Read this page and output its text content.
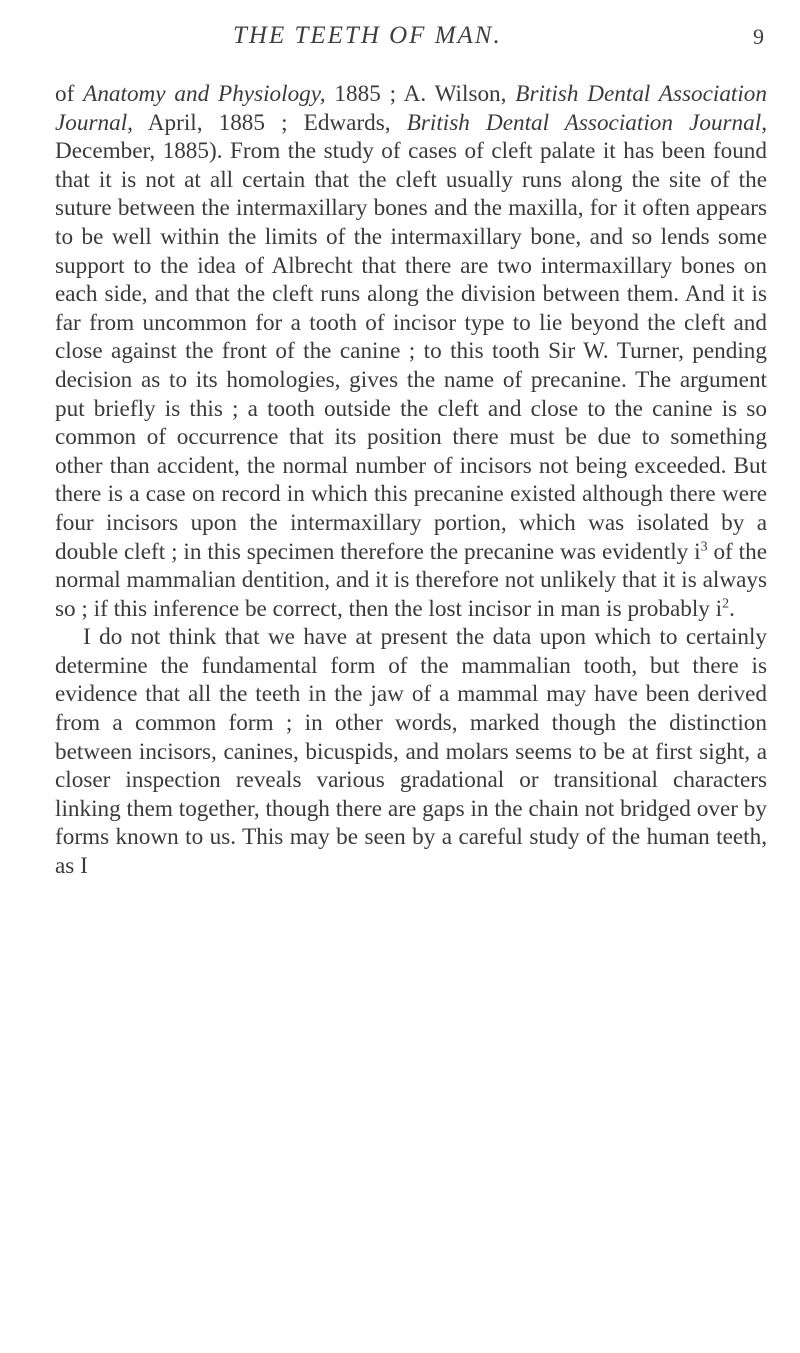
THE TEETH OF MAN.	9

of Anatomy and Physiology, 1885 ; A. Wilson, British Dental Association Journal, April, 1885 ; Edwards, British Dental Association Journal, December, 1885). From the study of cases of cleft palate it has been found that it is not at all certain that the cleft usually runs along the site of the suture between the intermaxillary bones and the maxilla, for it often appears to be well within the limits of the intermaxillary bone, and so lends some support to the idea of Albrecht that there are two intermaxillary bones on each side, and that the cleft runs along the division between them. And it is far from uncommon for a tooth of incisor type to lie beyond the cleft and close against the front of the canine ; to this tooth Sir W. Turner, pending decision as to its homologies, gives the name of precanine. The argument put briefly is this ; a tooth outside the cleft and close to the canine is so common of occurrence that its position there must be due to something other than accident, the normal number of incisors not being exceeded. But there is a case on record in which this precanine existed although there were four incisors upon the intermaxillary portion, which was isolated by a double cleft ; in this specimen therefore the precanine was evidently $i^3$ of the normal mammalian dentition, and it is therefore not unlikely that it is always so ; if this inference be correct, then the lost incisor in man is probably $i^2$.

I do not think that we have at present the data upon which to certainly determine the fundamental form of the mammalian tooth, but there is evidence that all the teeth in the jaw of a mammal may have been derived from a common form ; in other words, marked though the distinction between incisors, canines, bicuspids, and molars seems to be at first sight, a closer inspection reveals various gradational or transitional characters linking them together, though there are gaps in the chain not bridged over by forms known to us. This may be seen by a careful study of the human teeth, as I
